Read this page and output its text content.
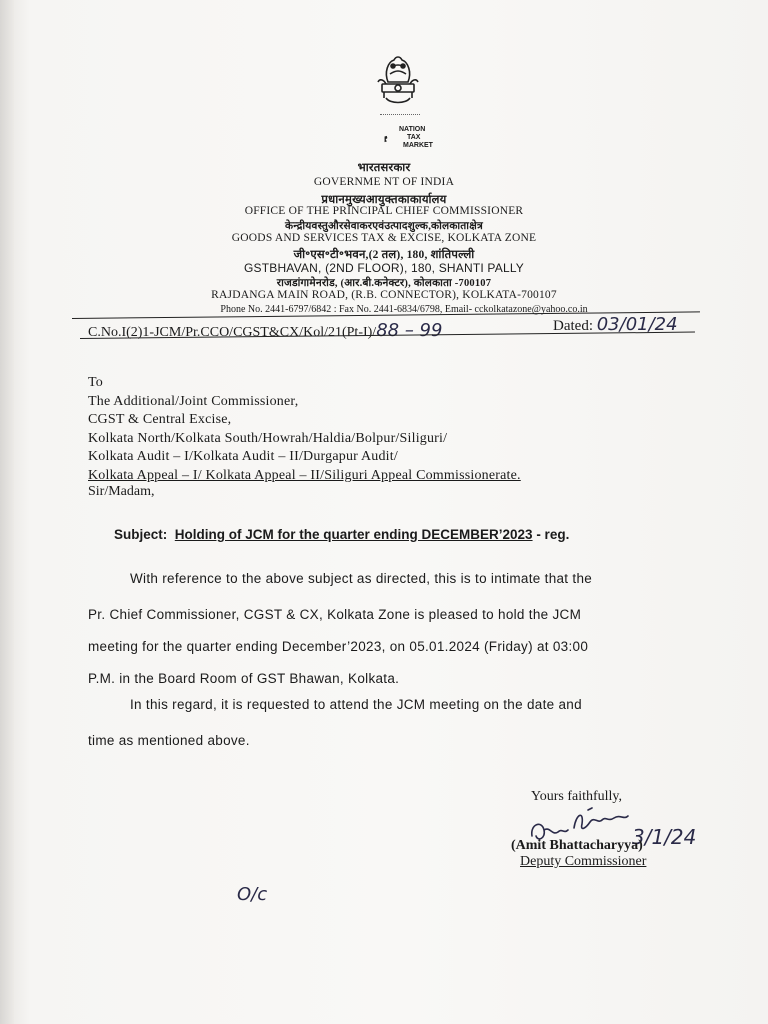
NATION
TAX
MARKET
भारतसरकार
GOVERNME NT OF INDIA
प्रधानमुख्यआयुक्तकाकार्यालय
OFFICE OF THE PRINCIPAL CHIEF COMMISSIONER
केन्द्रीयवस्तुऔरसेवाकरएवंउत्पादशुल्क,कोलकाताक्षेत्र
GOODS AND SERVICES TAX & EXCISE, KOLKATA ZONE
जी॰एस॰टी॰भवन,(2 तल), 180, शांतिपल्ली
GSTBHAVAN, (2ND FLOOR), 180, SHANTI PALLY
राजडांगामेनरोड, (आर.बी.कनेक्टर), कोलकाता -700107
RAJDANGA MAIN ROAD, (R.B. CONNECTOR), KOLKATA-700107
Phone No. 2441-6797/6842 : Fax No. 2441-6834/6798, Email- cckolkatazone@yahoo.co.in
C.No.I(2)1-JCM/Pr.CCO/CGST&CX/Kol/21(Pt-I)/88 – 99	Dated: 03/01/24
To
The Additional/Joint Commissioner,
CGST & Central Excise,
Kolkata North/Kolkata South/Howrah/Haldia/Bolpur/Siliguri/
Kolkata Audit – I/Kolkata Audit – II/Durgapur Audit/
Kolkata Appeal – I/ Kolkata Appeal – II/Siliguri Appeal Commissionerate.
Sir/Madam,
Subject: Holding of JCM for the quarter ending DECEMBER’2023 - reg.
With reference to the above subject as directed, this is to intimate that the
Pr. Chief Commissioner, CGST & CX, Kolkata Zone is pleased to hold the JCM
meeting for the quarter ending December’2023, on 05.01.2024 (Friday) at 03:00
P.M. in the Board Room of GST Bhawan, Kolkata.
In this regard, it is requested to attend the JCM meeting on the date and
time as mentioned above.
Yours faithfully,
3/1/24
(Amit Bhattacharyya)
Deputy Commissioner
O/c
